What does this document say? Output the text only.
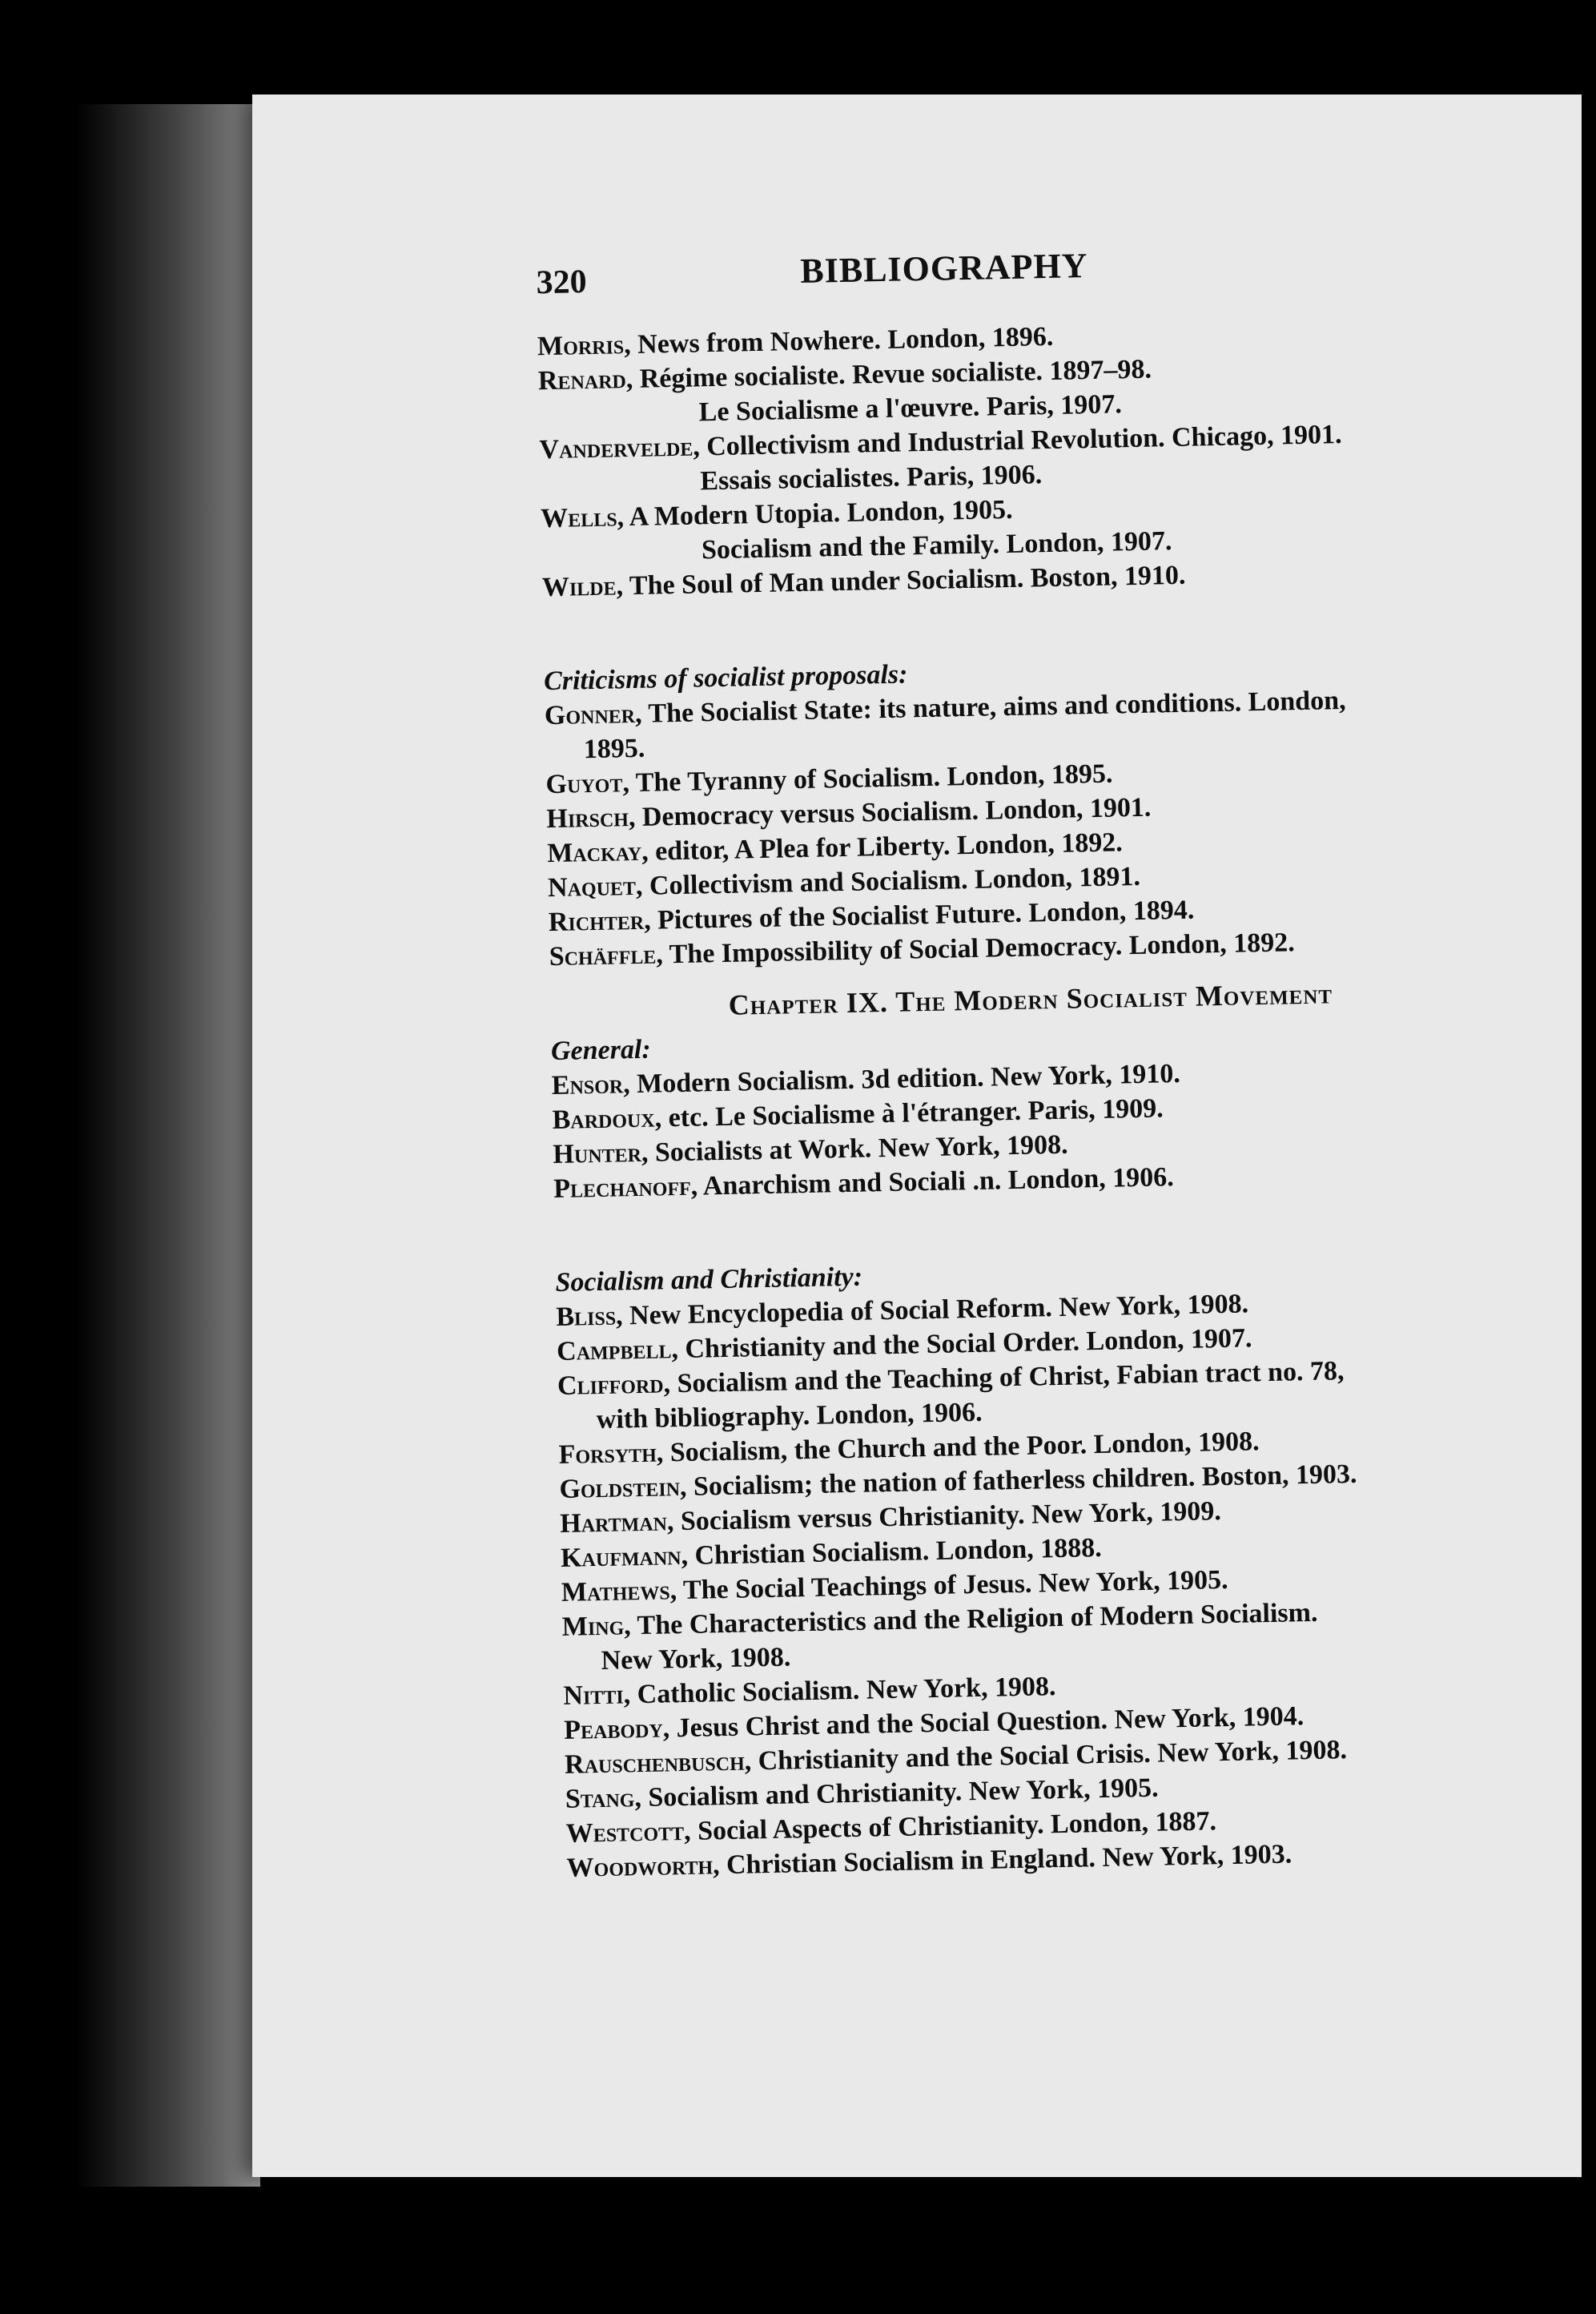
320	BIBLIOGRAPHY
Morris, News from Nowhere. London, 1896.
Renard, Régime socialiste. Revue socialiste. 1897–98.
Le Socialisme a l'œuvre. Paris, 1907.
Vandervelde, Collectivism and Industrial Revolution. Chicago, 1901.
Essais socialistes. Paris, 1906.
Wells, A Modern Utopia. London, 1905.
Socialism and the Family. London, 1907.
Wilde, The Soul of Man under Socialism. Boston, 1910.
Criticisms of socialist proposals:
Gonner, The Socialist State: its nature, aims and conditions. London,
1895.
Guyot, The Tyranny of Socialism. London, 1895.
Hirsch, Democracy versus Socialism. London, 1901.
Mackay, editor, A Plea for Liberty. London, 1892.
Naquet, Collectivism and Socialism. London, 1891.
Richter, Pictures of the Socialist Future. London, 1894.
Schäffle, The Impossibility of Social Democracy. London, 1892.
Chapter IX. The Modern Socialist Movement
General:
Ensor, Modern Socialism. 3d edition. New York, 1910.
Bardoux, etc. Le Socialisme à l'étranger. Paris, 1909.
Hunter, Socialists at Work. New York, 1908.
Plechanoff, Anarchism and Sociali .n. London, 1906.
Socialism and Christianity:
Bliss, New Encyclopedia of Social Reform. New York, 1908.
Campbell, Christianity and the Social Order. London, 1907.
Clifford, Socialism and the Teaching of Christ, Fabian tract no. 78,
with bibliography. London, 1906.
Forsyth, Socialism, the Church and the Poor. London, 1908.
Goldstein, Socialism; the nation of fatherless children. Boston, 1903.
Hartman, Socialism versus Christianity. New York, 1909.
Kaufmann, Christian Socialism. London, 1888.
Mathews, The Social Teachings of Jesus. New York, 1905.
Ming, The Characteristics and the Religion of Modern Socialism.
New York, 1908.
Nitti, Catholic Socialism. New York, 1908.
Peabody, Jesus Christ and the Social Question. New York, 1904.
Rauschenbusch, Christianity and the Social Crisis. New York, 1908.
Stang, Socialism and Christianity. New York, 1905.
Westcott, Social Aspects of Christianity. London, 1887.
Woodworth, Christian Socialism in England. New York, 1903.
